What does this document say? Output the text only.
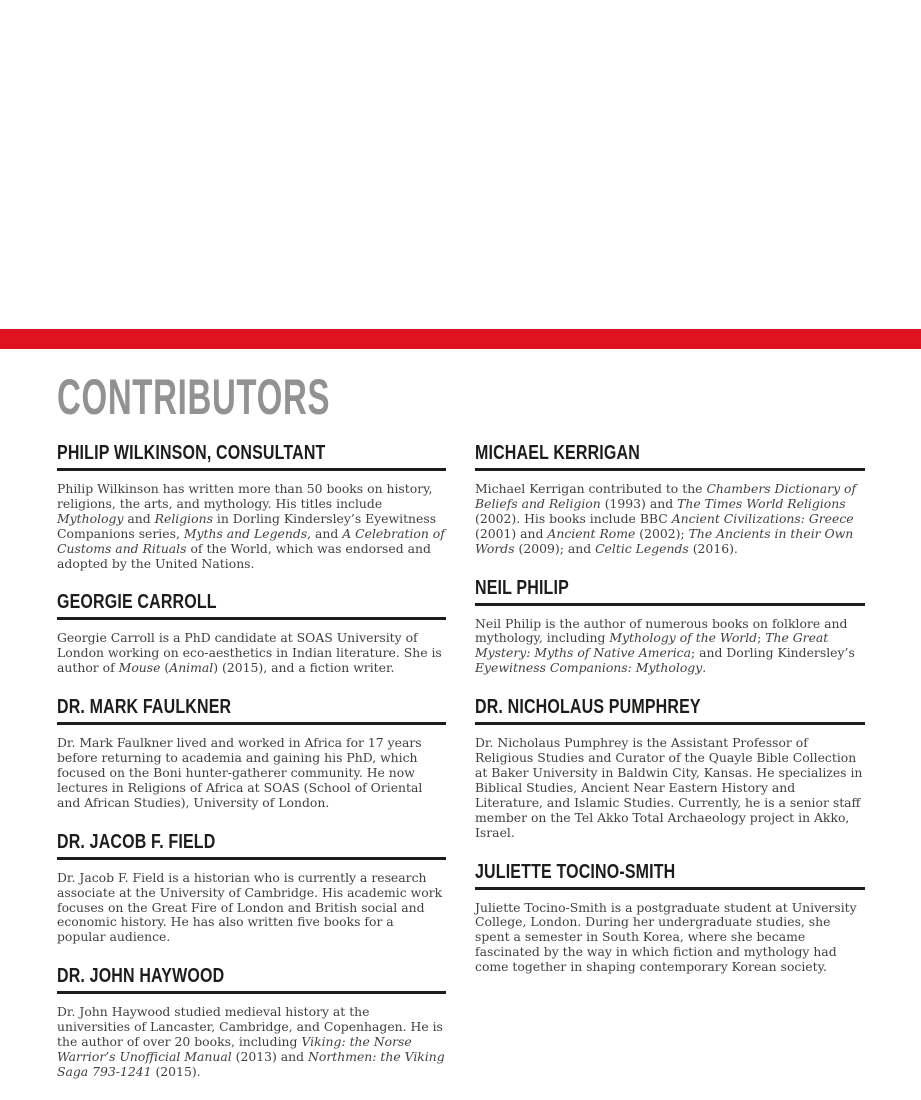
CONTRIBUTORS
PHILIP WILKINSON, CONSULTANT

Philip Wilkinson has written more than 50 books on history, religions, the arts, and mythology. His titles include Mythology and Religions in Dorling Kindersley’s Eyewitness Companions series, Myths and Legends, and A Celebration of Customs and Rituals of the World, which was endorsed and adopted by the United Nations.

GEORGIE CARROLL

Georgie Carroll is a PhD candidate at SOAS University of London working on eco-aesthetics in Indian literature. She is author of Mouse (Animal) (2015), and a fiction writer.

DR. MARK FAULKNER

Dr. Mark Faulkner lived and worked in Africa for 17 years before returning to academia and gaining his PhD, which focused on the Boni hunter-gatherer community. He now lectures in Religions of Africa at SOAS (School of Oriental and African Studies), University of London.

DR. JACOB F. FIELD

Dr. Jacob F. Field is a historian who is currently a research associate at the University of Cambridge. His academic work focuses on the Great Fire of London and British social and economic history. He has also written five books for a popular audience.

DR. JOHN HAYWOOD

Dr. John Haywood studied medieval history at the universities of Lancaster, Cambridge, and Copenhagen. He is the author of over 20 books, including Viking: the Norse Warrior’s Unofficial Manual (2013) and Northmen: the Viking Saga 793-1241 (2015).

MICHAEL KERRIGAN

Michael Kerrigan contributed to the Chambers Dictionary of Beliefs and Religion (1993) and The Times World Religions (2002). His books include BBC Ancient Civilizations: Greece (2001) and Ancient Rome (2002); The Ancients in their Own Words (2009); and Celtic Legends (2016).

NEIL PHILIP

Neil Philip is the author of numerous books on folklore and mythology, including Mythology of the World; The Great Mystery: Myths of Native America; and Dorling Kindersley’s Eyewitness Companions: Mythology.

DR. NICHOLAUS PUMPHREY

Dr. Nicholaus Pumphrey is the Assistant Professor of Religious Studies and Curator of the Quayle Bible Collection at Baker University in Baldwin City, Kansas. He specializes in Biblical Studies, Ancient Near Eastern History and Literature, and Islamic Studies. Currently, he is a senior staff member on the Tel Akko Total Archaeology project in Akko, Israel.

JULIETTE TOCINO-SMITH

Juliette Tocino-Smith is a postgraduate student at University College, London. During her undergraduate studies, she spent a semester in South Korea, where she became fascinated by the way in which fiction and mythology had come together in shaping contemporary Korean society.
